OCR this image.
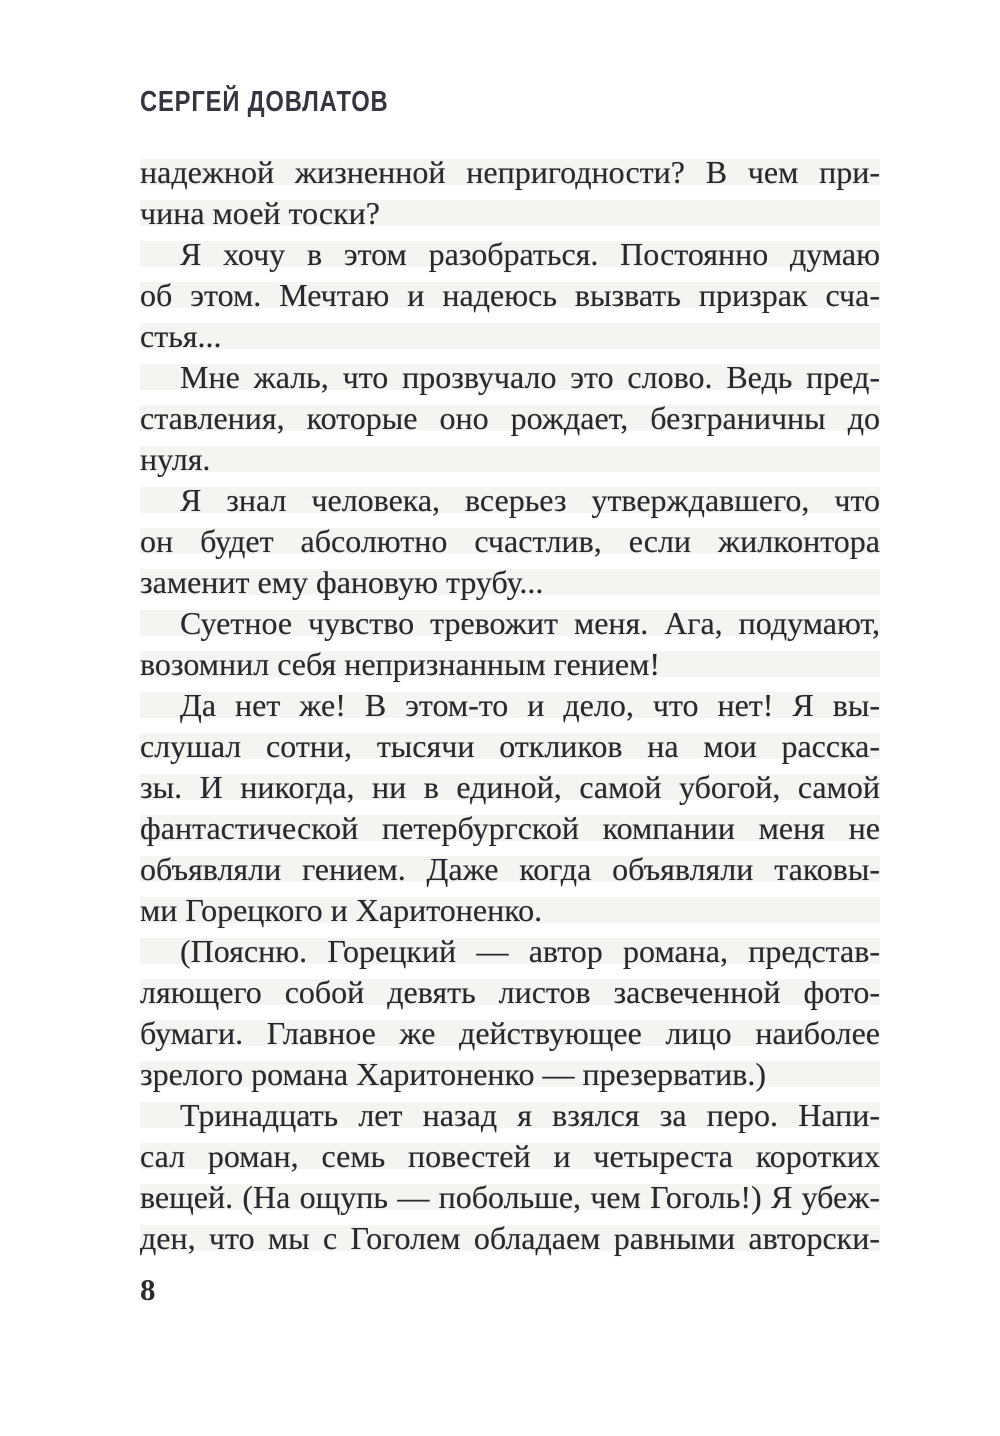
СЕРГЕЙ ДОВЛАТОВ
надежной жизненной непригодности? В чем при-
чина моей тоски?
Я хочу в этом разобраться. Постоянно думаю
об этом. Мечтаю и надеюсь вызвать призрак сча-
стья...
Мне жаль, что прозвучало это слово. Ведь пред-
ставления, которые оно рождает, безграничны до
нуля.
Я знал человека, всерьез утверждавшего, что
он будет абсолютно счастлив, если жилконтора
заменит ему фановую трубу...
Суетное чувство тревожит меня. Ага, подумают,
возомнил себя непризнанным гением!
Да нет же! В этом-то и дело, что нет! Я вы-
слушал сотни, тысячи откликов на мои расска-
зы. И никогда, ни в единой, самой убогой, самой
фантастической петербургской компании меня не
объявляли гением. Даже когда объявляли таковы-
ми Горецкого и Харитоненко.
(Поясню. Горецкий — автор романа, представ-
ляющего собой девять листов засвеченной фото-
бумаги. Главное же действующее лицо наиболее
зрелого романа Харитоненко — презерватив.)
Тринадцать лет назад я взялся за перо. Напи-
сал роман, семь повестей и четыреста коротких
вещей. (На ощупь — побольше, чем Гоголь!) Я убеж-
ден, что мы с Гоголем обладаем равными авторски-
8
